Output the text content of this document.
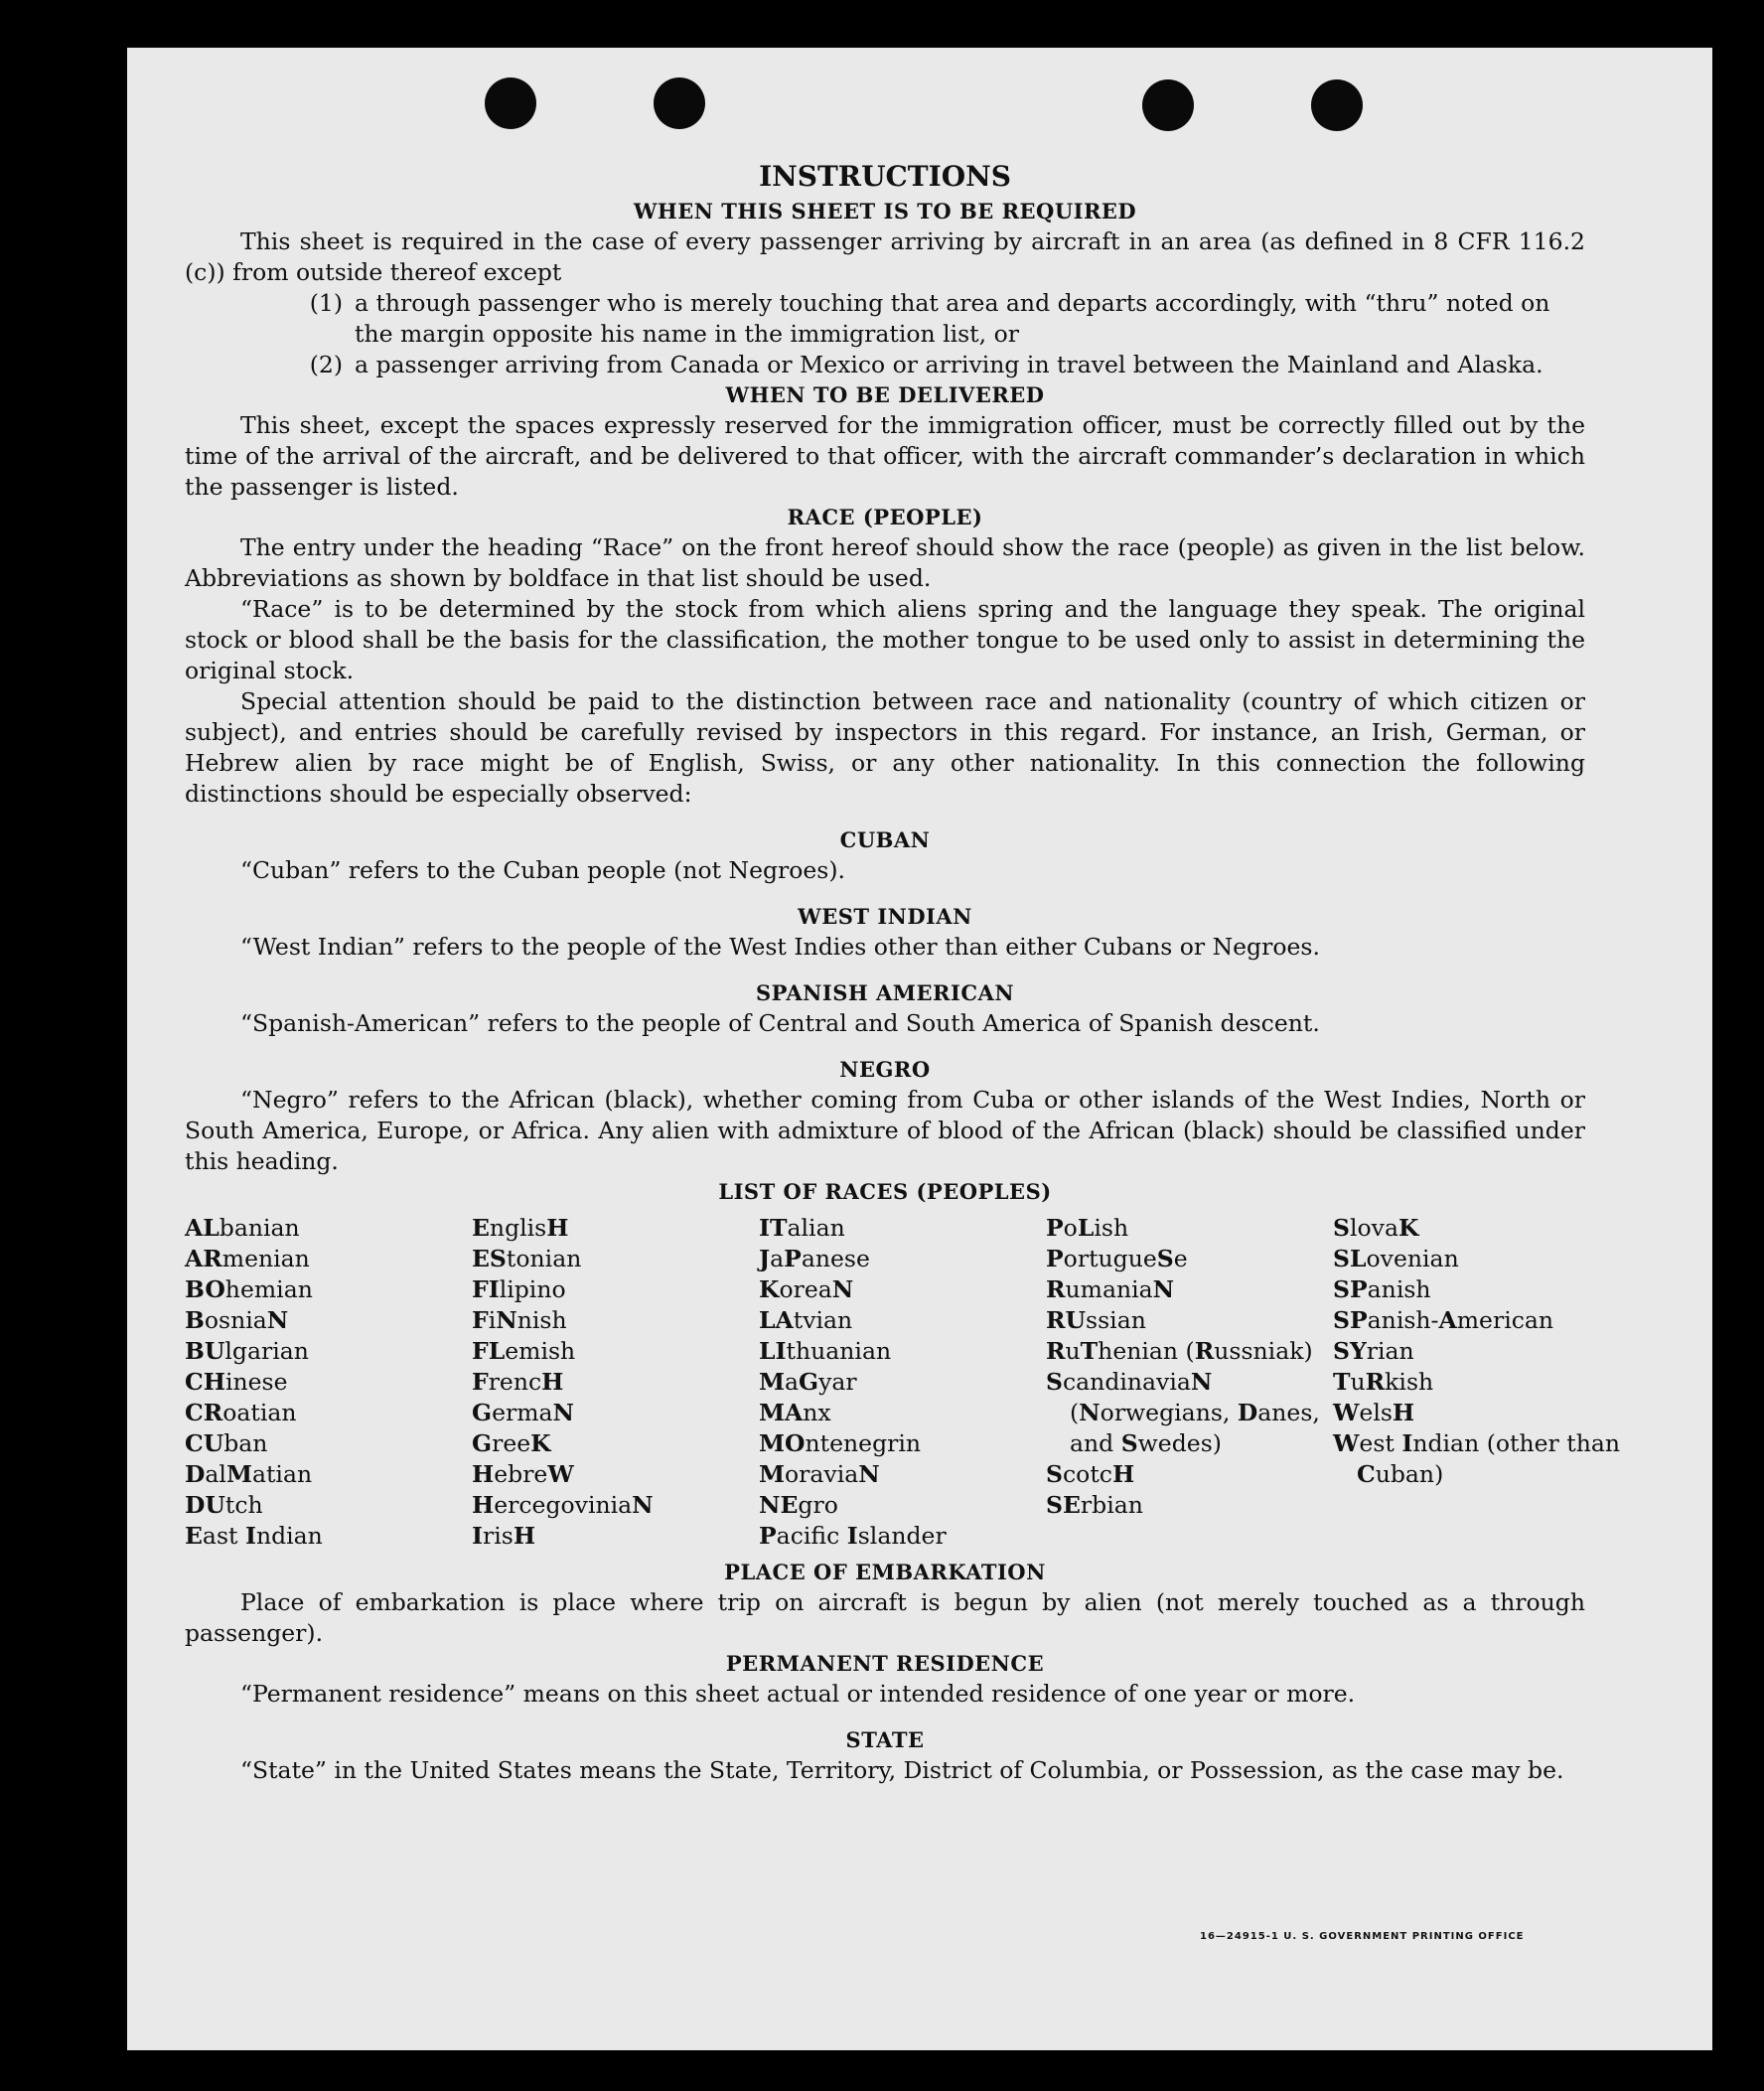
INSTRUCTIONS
WHEN THIS SHEET IS TO BE REQUIRED

This sheet is required in the case of every passenger arriving by aircraft in an area (as defined in 8 CFR 116.2 (c)) from outside thereof except

(1) a through passenger who is merely touching that area and departs accordingly, with “thru” noted on the margin opposite his name in the immigration list, or
(2) a passenger arriving from Canada or Mexico or arriving in travel between the Mainland and Alaska.
WHEN TO BE DELIVERED

This sheet, except the spaces expressly reserved for the immigration officer, must be correctly filled out by the time of the arrival of the aircraft, and be delivered to that officer, with the aircraft commander’s declaration in which the passenger is listed.

RACE (PEOPLE)

The entry under the heading “Race” on the front hereof should show the race (people) as given in the list below. Abbreviations as shown by boldface in that list should be used.

“Race” is to be determined by the stock from which aliens spring and the language they speak. The original stock or blood shall be the basis for the classification, the mother tongue to be used only to assist in determining the original stock.

Special attention should be paid to the distinction between race and nationality (country of which citizen or subject), and entries should be carefully revised by inspectors in this regard. For instance, an Irish, German, or Hebrew alien by race might be of English, Swiss, or any other nationality. In this connection the following distinctions should be especially observed:

CUBAN

“Cuban” refers to the Cuban people (not Negroes).

WEST INDIAN

“West Indian” refers to the people of the West Indies other than either Cubans or Negroes.

SPANISH AMERICAN

“Spanish-American” refers to the people of Central and South America of Spanish descent.

NEGRO

“Negro” refers to the African (black), whether coming from Cuba or other islands of the West Indies, North or South America, Europe, or Africa. Any alien with admixture of blood of the African (black) should be classified under this heading.

LIST OF RACES (PEOPLES)
ALbanian
ARmenian
BOhemian
BosniaN
BUlgarian
CHinese
CRoatian
CUban
DalMatian
DUtch
East Indian
EnglisH
EStonian
FIlipino
FiNnish
FLemish
FrencH
GermaN
GreeK
HebreW
HercegoviniaN
IrisH
ITalian
JaPanese
KoreaN
LAtvian
LIthuanian
MaGyar
MAnx
MOntenegrin
MoraviaN
NEgro
Pacifc Islander
PoLish
PortugueSe
RumaniaN
RUssian
RuThenian (Russniak)
ScandinaviaN (Norwegians, Danes, and Swedes)
ScotcH
SErbian
SlovaK
SLovenian
SPanish
SPanish-American
SYrian
TuRkish
WelsH
West Indian (other than Cuban)
PLACE OF EMBARKATION

Place of embarkation is place where trip on aircraft is begun by alien (not merely touched as a through passenger).

PERMANENT RESIDENCE

“Permanent residence” means on this sheet actual or intended residence of one year or more.

STATE

“State” in the United States means the State, Territory, District of Columbia, or Possession, as the case may be.

16—24915-1 U. S. GOVERNMENT PRINTING OFFICE
